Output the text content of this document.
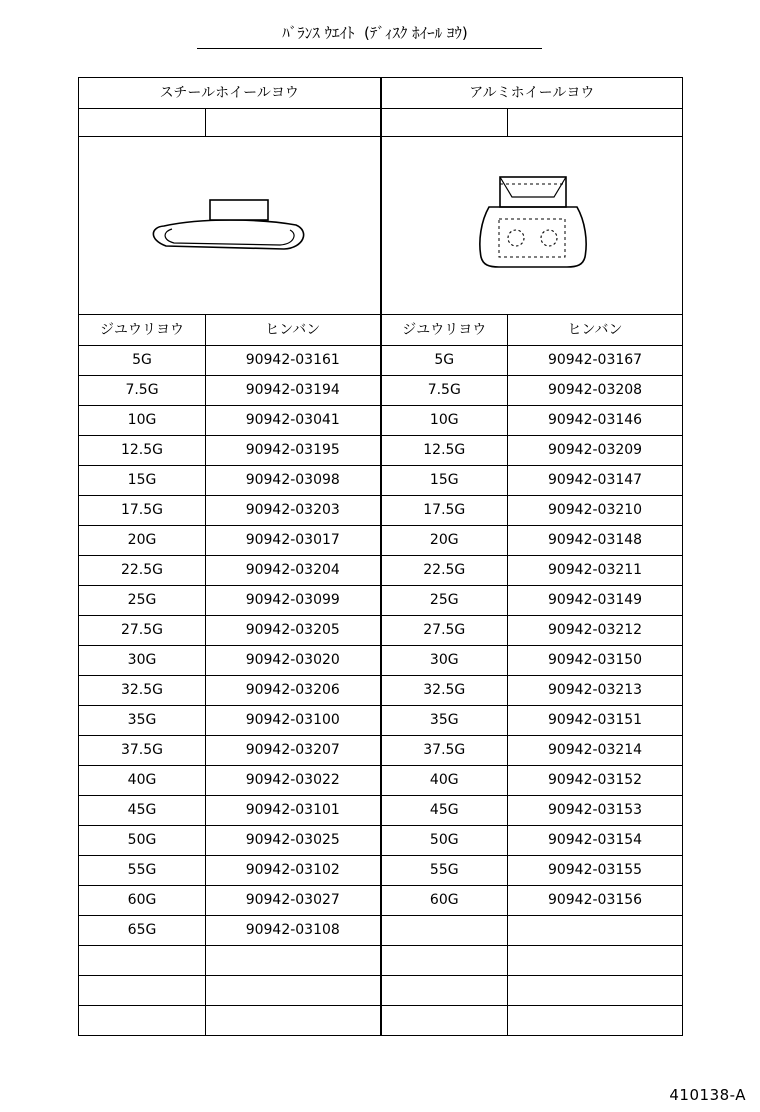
ﾊﾞﾗﾝｽ ｳｴｲﾄ  (ﾃﾞｨｽｸ ﾎｲｰﾙ ﾖｳ)
スチールホイールヨウ		アルミホイールヨウ	

ジユウリヨウ	ヒンバン	ジユウリヨウ	ヒンバン
5G	90942-03161	5G	90942-03167
7.5G	90942-03194	7.5G	90942-03208
10G	90942-03041	10G	90942-03146
12.5G	90942-03195	12.5G	90942-03209
15G	90942-03098	15G	90942-03147
17.5G	90942-03203	17.5G	90942-03210
20G	90942-03017	20G	90942-03148
22.5G	90942-03204	22.5G	90942-03211
25G	90942-03099	25G	90942-03149
27.5G	90942-03205	27.5G	90942-03212
30G	90942-03020	30G	90942-03150
32.5G	90942-03206	32.5G	90942-03213
35G	90942-03100	35G	90942-03151
37.5G	90942-03207	37.5G	90942-03214
40G	90942-03022	40G	90942-03152
45G	90942-03101	45G	90942-03153
50G	90942-03025	50G	90942-03154
55G	90942-03102	55G	90942-03155
60G	90942-03027	60G	90942-03156
65G	90942-03108		

410138-A
